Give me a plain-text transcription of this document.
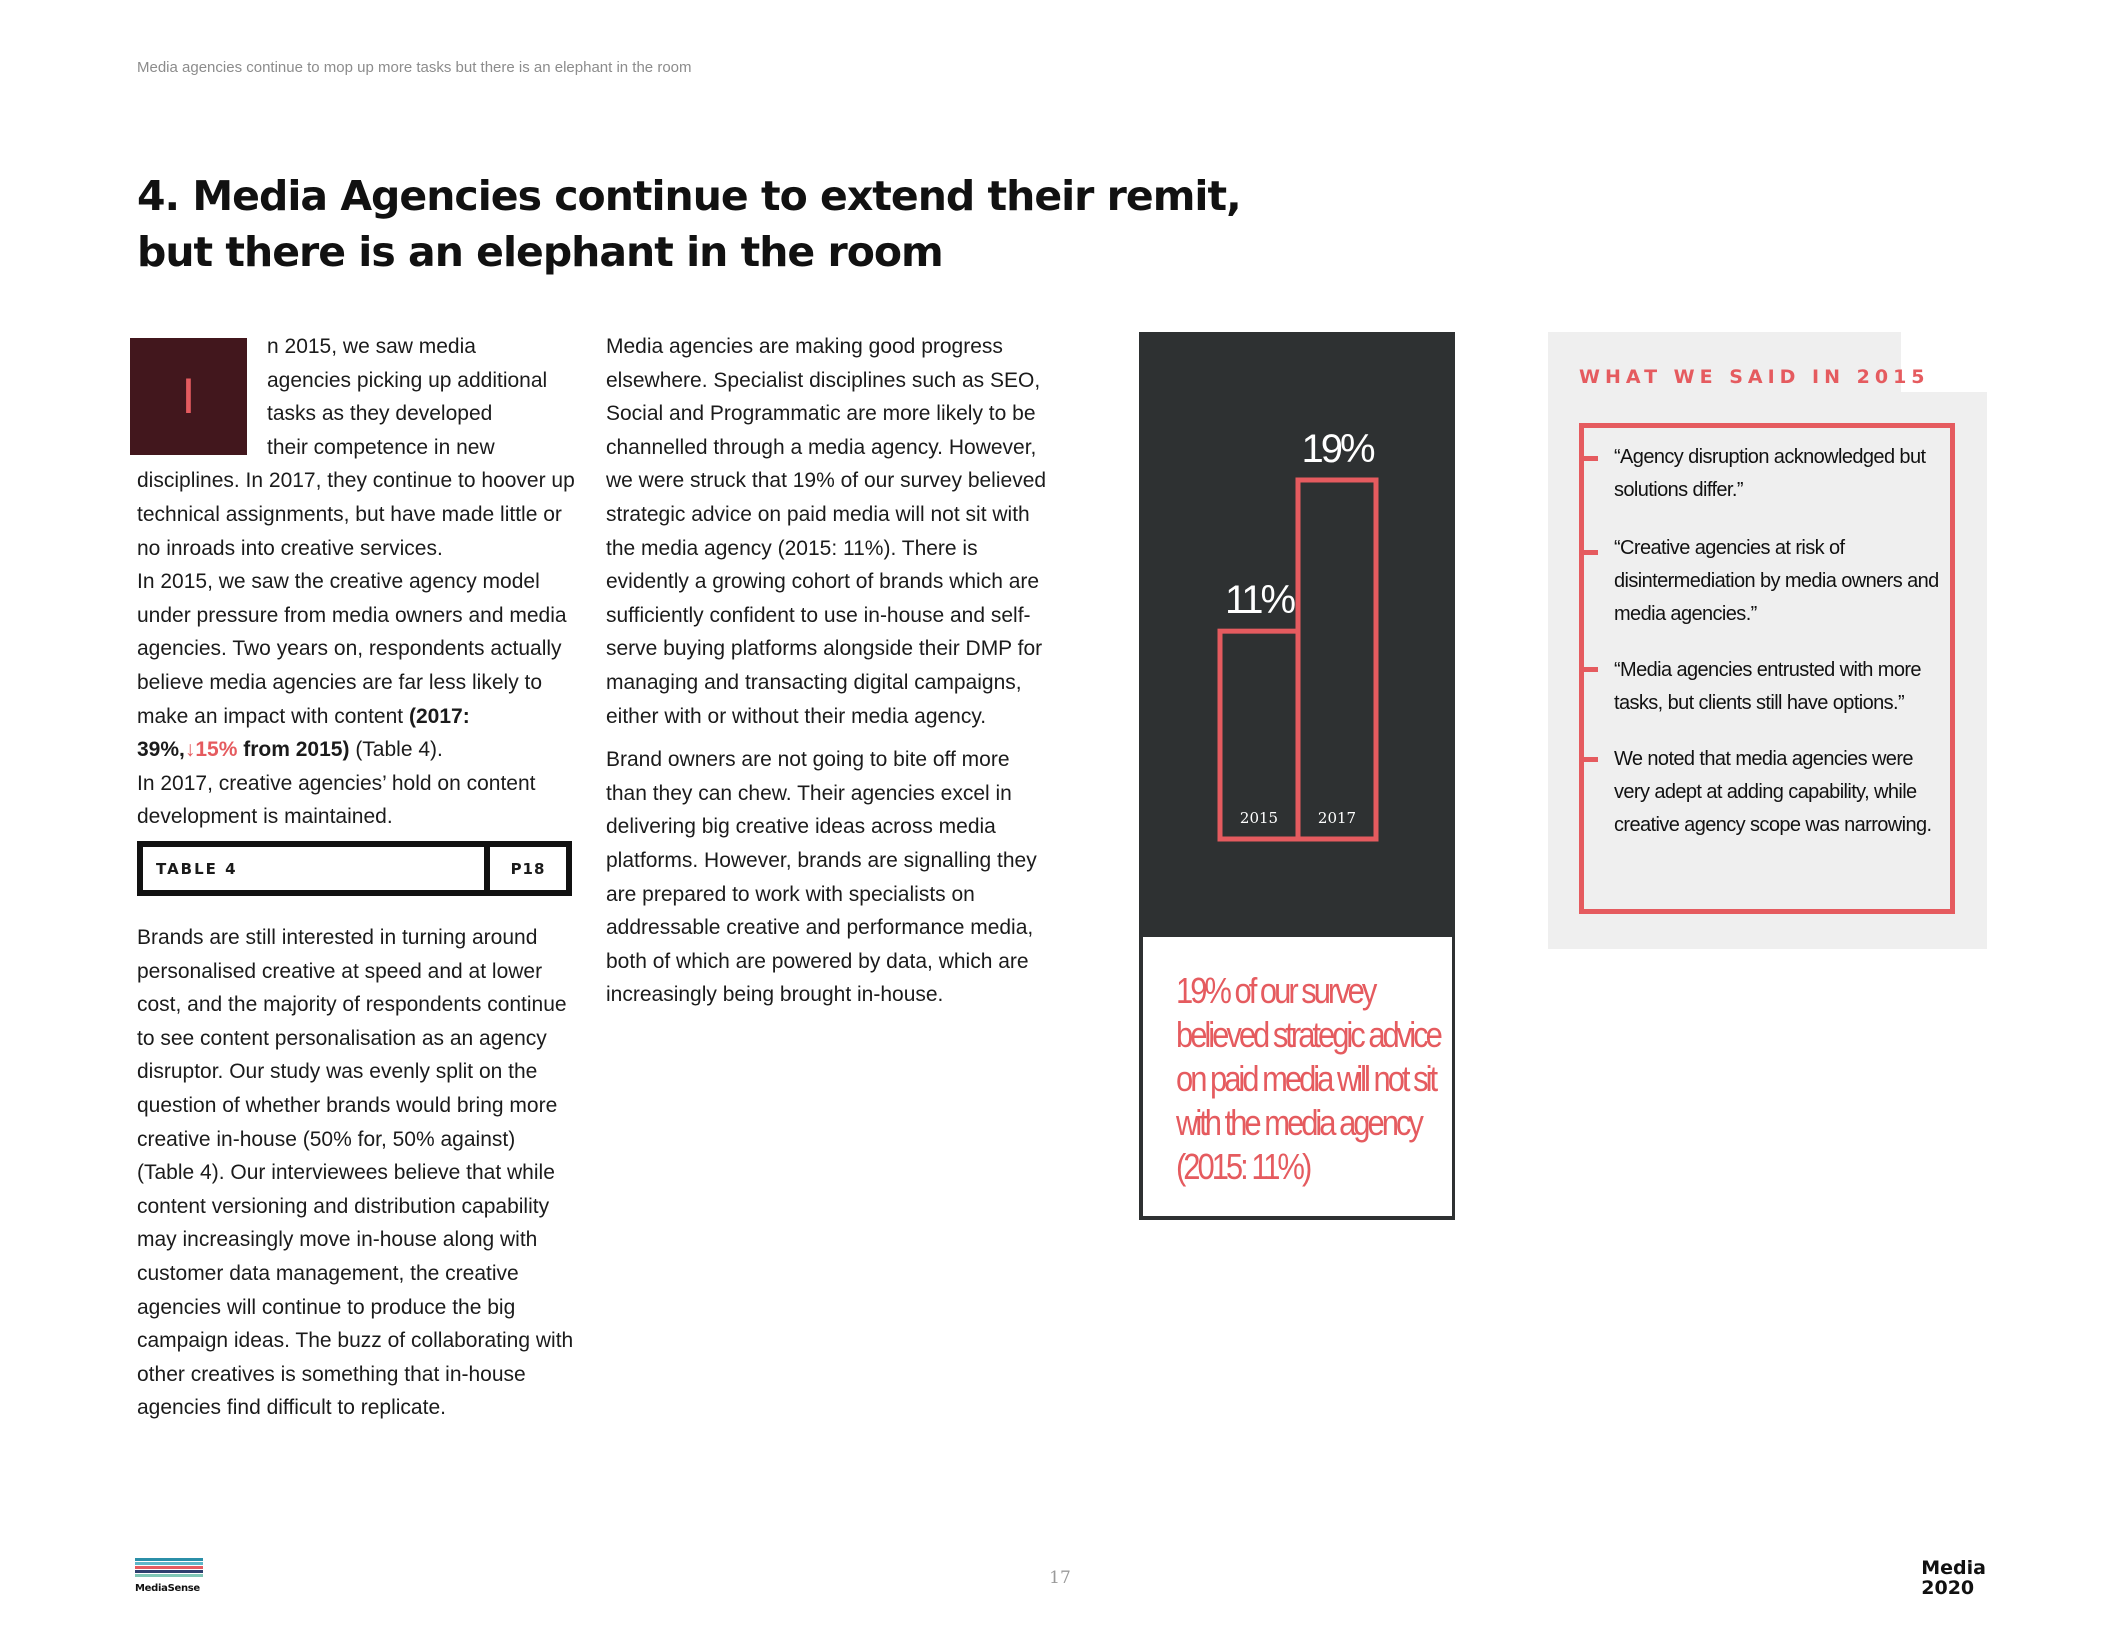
Media agencies continue to mop up more tasks but there is an elephant in the room
4. Media Agencies continue to extend their remit,
but there is an elephant in the room
I

n 2015, we saw media
agencies picking up additional
tasks as they developed
their competence in new disciplines. In 2017, they continue to hoover up technical assignments, but have made little or no inroads into creative services.

In 2015, we saw the creative agency model under pressure from media owners and media agencies. Two years on, respondents actually believe media agencies are far less likely to make an impact with content (2017: 39%,↓15% from 2015) (Table 4).

In 2017, creative agencies’ hold on content development is maintained.

TABLE 4	P18
Brands are still interested in turning around personalised creative at speed and at lower cost, and the majority of respondents continue to see content personalisation as an agency disruptor. Our study was evenly split on the question of whether brands would bring more creative in-house (50% for, 50% against) (Table 4). Our interviewees believe that while content versioning and distribution capability may increasingly move in-house along with customer data management, the creative agencies will continue to produce the big campaign ideas. The buzz of collaborating with other creatives is something that in-house agencies find difficult to replicate.

Media agencies are making good progress elsewhere. Specialist disciplines such as SEO, Social and Programmatic are more likely to be channelled through a media agency. However, we were struck that 19% of our survey believed strategic advice on paid media will not sit with the media agency (2015: 11%). There is evidently a growing cohort of brands which are sufficiently confident to use in-house and self-serve buying platforms alongside their DMP for managing and transacting digital campaigns, either with or without their media agency.

Brand owners are not going to bite off more than they can chew. Their agencies excel in delivering big creative ideas across media platforms. However, brands are signalling they are prepared to work with specialists on addressable creative and performance media, both of which are powered by data, which are increasingly being brought in-house.

11%
2015
19%
2017

19% of our survey believed strategic advice on paid media will not sit with the media agency (2015: 11%)

WHAT WE SAID IN 2015
“Agency disruption acknowledged but solutions differ.”
“Creative agencies at risk of disintermediation by media owners and media agencies.”
“Media agencies entrusted with more tasks, but clients still have options.”
We noted that media agencies were very adept at adding capability, while creative agency scope was narrowing.
MediaSense
17	Media
2020
